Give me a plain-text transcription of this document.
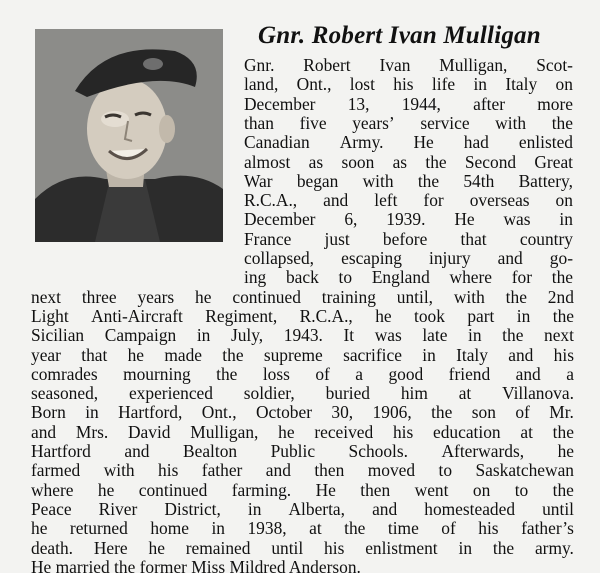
Gnr. Robert Ivan Mulligan
Gnr. Robert Ivan Mulligan, Scot-
land, Ont., lost his life in Italy on
December 13, 1944, after more
than five years’ service with the
Canadian Army. He had enlisted
almost as soon as the Second Great
War began with the 54th Battery,
R.C.A., and left for overseas on
December 6, 1939. He was in
France just before that country
collapsed, escaping injury and go-
ing back to England where for the
next three years he continued training until, with the 2nd
Light Anti-Aircraft Regiment, R.C.A., he took part in the
Sicilian Campaign in July, 1943. It was late in the next
year that he made the supreme sacrifice in Italy and his
comrades mourning the loss of a good friend and a
seasoned, experienced soldier, buried him at Villanova.
Born in Hartford, Ont., October 30, 1906, the son of Mr.
and Mrs. David Mulligan, he received his education at the
Hartford and Bealton Public Schools. Afterwards, he
farmed with his father and then moved to Saskatchewan
where he continued farming. He then went on to the
Peace River District, in Alberta, and homesteaded until
he returned home in 1938, at the time of his father’s
death. Here he remained until his enlistment in the army.
He married the former Miss Mildred Anderson.
